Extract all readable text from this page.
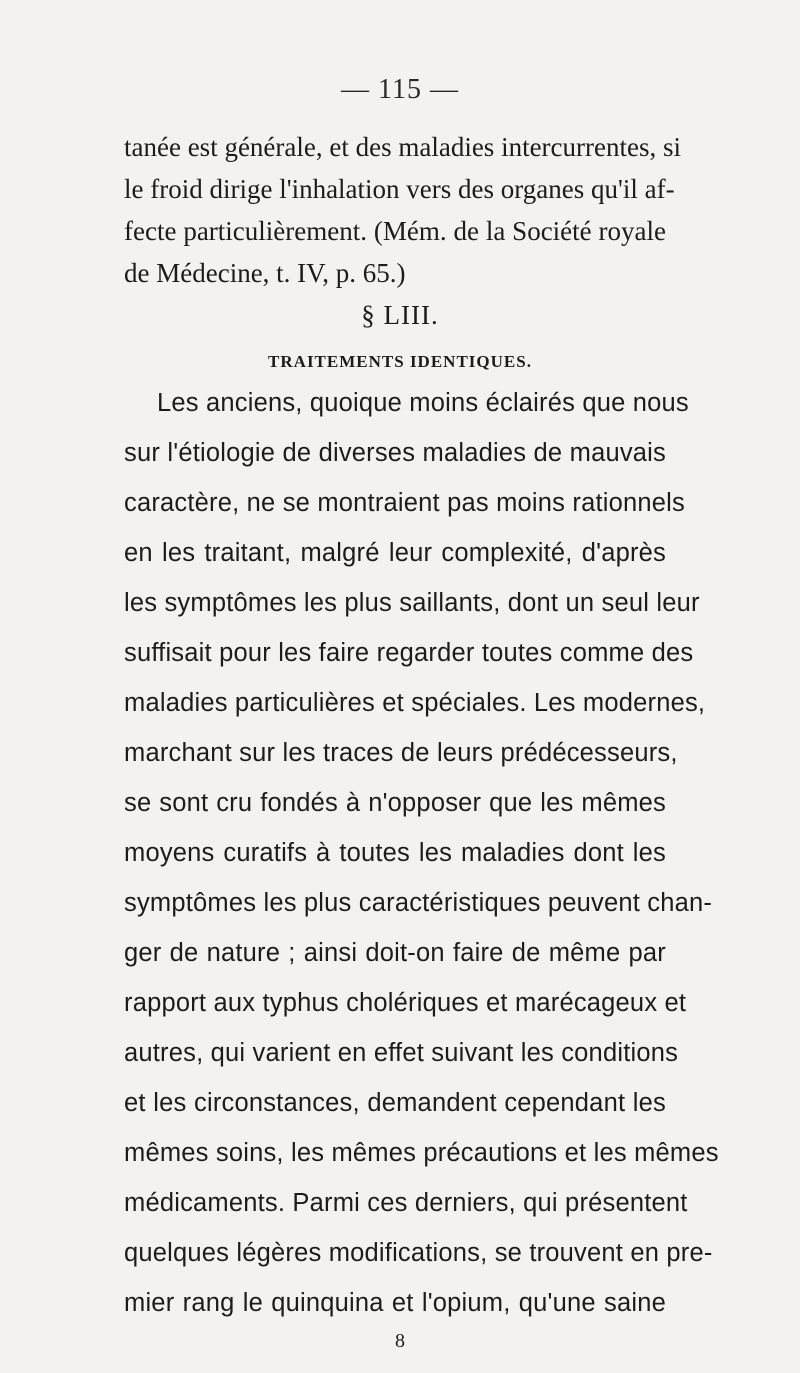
— 115 —
tanée est générale, et des maladies intercurrentes, si
le froid dirige l'inhalation vers des organes qu'il af-
fecte particulièrement. (Mém. de la Société royale
de Médecine, t. IV, p. 65.)
§ LIII.
TRAITEMENTS IDENTIQUES.
Les anciens, quoique moins éclairés que nous
sur l'étiologie de diverses maladies de mauvais
caractère, ne se montraient pas moins rationnels
en les traitant, malgré leur complexité, d'après
les symptômes les plus saillants, dont un seul leur
suffisait pour les faire regarder toutes comme des
maladies particulières et spéciales. Les modernes,
marchant sur les traces de leurs prédécesseurs,
se sont cru fondés à n'opposer que les mêmes
moyens curatifs à toutes les maladies dont les
symptômes les plus caractéristiques peuvent chan-
ger de nature ; ainsi doit-on faire de même par
rapport aux typhus cholériques et marécageux et
autres, qui varient en effet suivant les conditions
et les circonstances, demandent cependant les
mêmes soins, les mêmes précautions et les mêmes
médicaments. Parmi ces derniers, qui présentent
quelques légères modifications, se trouvent en pre-
mier rang le quinquina et l'opium, qu'une saine
8
